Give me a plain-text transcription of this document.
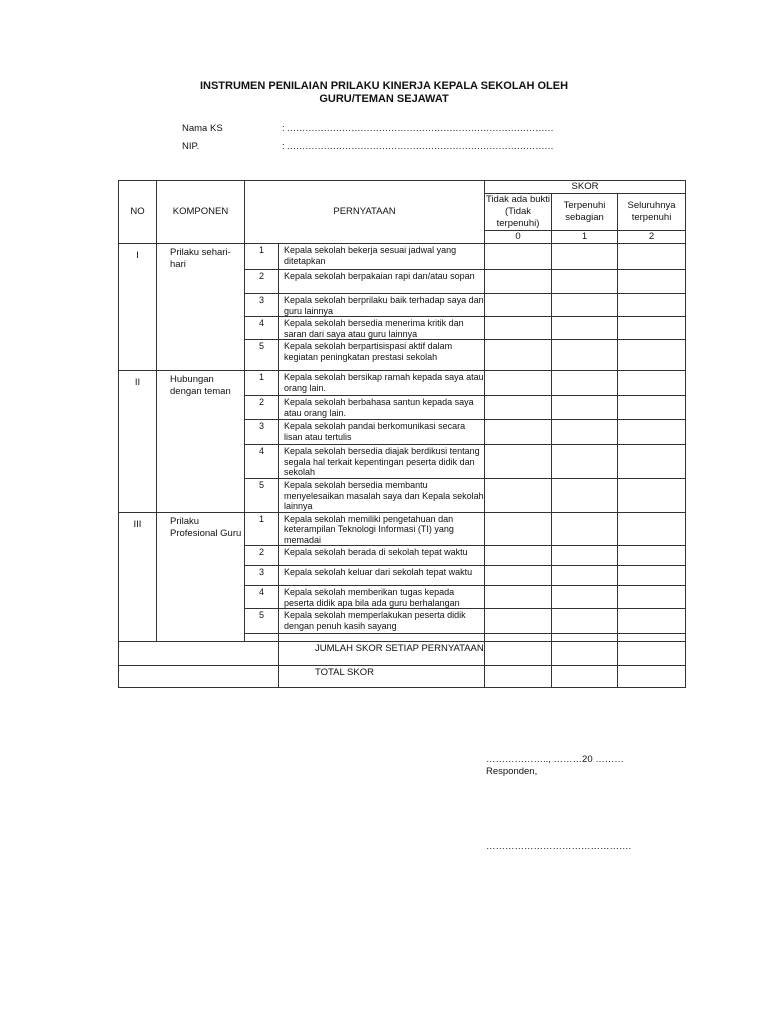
INSTRUMEN PENILAIAN PRILAKU KINERJA KEPALA SEKOLAH OLEH
GURU/TEMAN SEJAWAT
Nama KS	: ……………………………………………………………………………
NIP.	: ……………………………………………………………………………
NO	KOMPONEN	PERNYATAAN		SKOR		
				Tidak ada bukti (Tidak terpenuhi)	Terpenuhi sebagian	Seluruhnya terpenuhi
				0	1	2
I	Prilaku sehari-hari	1	Kepala sekolah bekerja sesuai jadwal yang ditetapkan			
		2	Kepala sekolah berpakaian rapi dan/atau sopan			
		3	Kepala sekolah berprilaku baik terhadap saya dan guru lainnya			
		4	Kepala sekolah bersedia menerima kritik dan saran dari saya atau guru lainnya			
		5	Kepala sekolah berpartisispasi aktif dalam kegiatan peningkatan prestasi sekolah			
II	Hubungan dengan teman	1	Kepala sekolah bersikap ramah kepada saya atau orang lain.			
		2	Kepala sekolah berbahasa santun kepada saya atau orang lain.			
		3	Kepala sekolah pandai berkomunikasi secara lisan atau tertulis			
		4	Kepala sekolah bersedia diajak berdikusi tentang segala hal terkait kepentingan peserta didik dan sekolah			
		5	Kepala sekolah bersedia membantu menyelesaikan masalah saya dan Kepala sekolah lainnya			
III	Prilaku Profesional Guru	1	Kepala sekolah memiliki pengetahuan dan keterampilan Teknologi Informasi (TI) yang memadai			
		2	Kepala sekolah berada di sekolah tepat waktu			
		3	Kepala sekolah keluar dari sekolah tepat waktu			
		4	Kepala sekolah memberikan tugas kepada peserta didik apa bila ada guru berhalangan			
		5	Kepala sekolah memperlakukan peserta didik dengan penuh kasih sayang			

			JUMLAH SKOR SETIAP PERNYATAAN			
			TOTAL SKOR			
……………….., ………20 ………
Responden,
……………………………………….
